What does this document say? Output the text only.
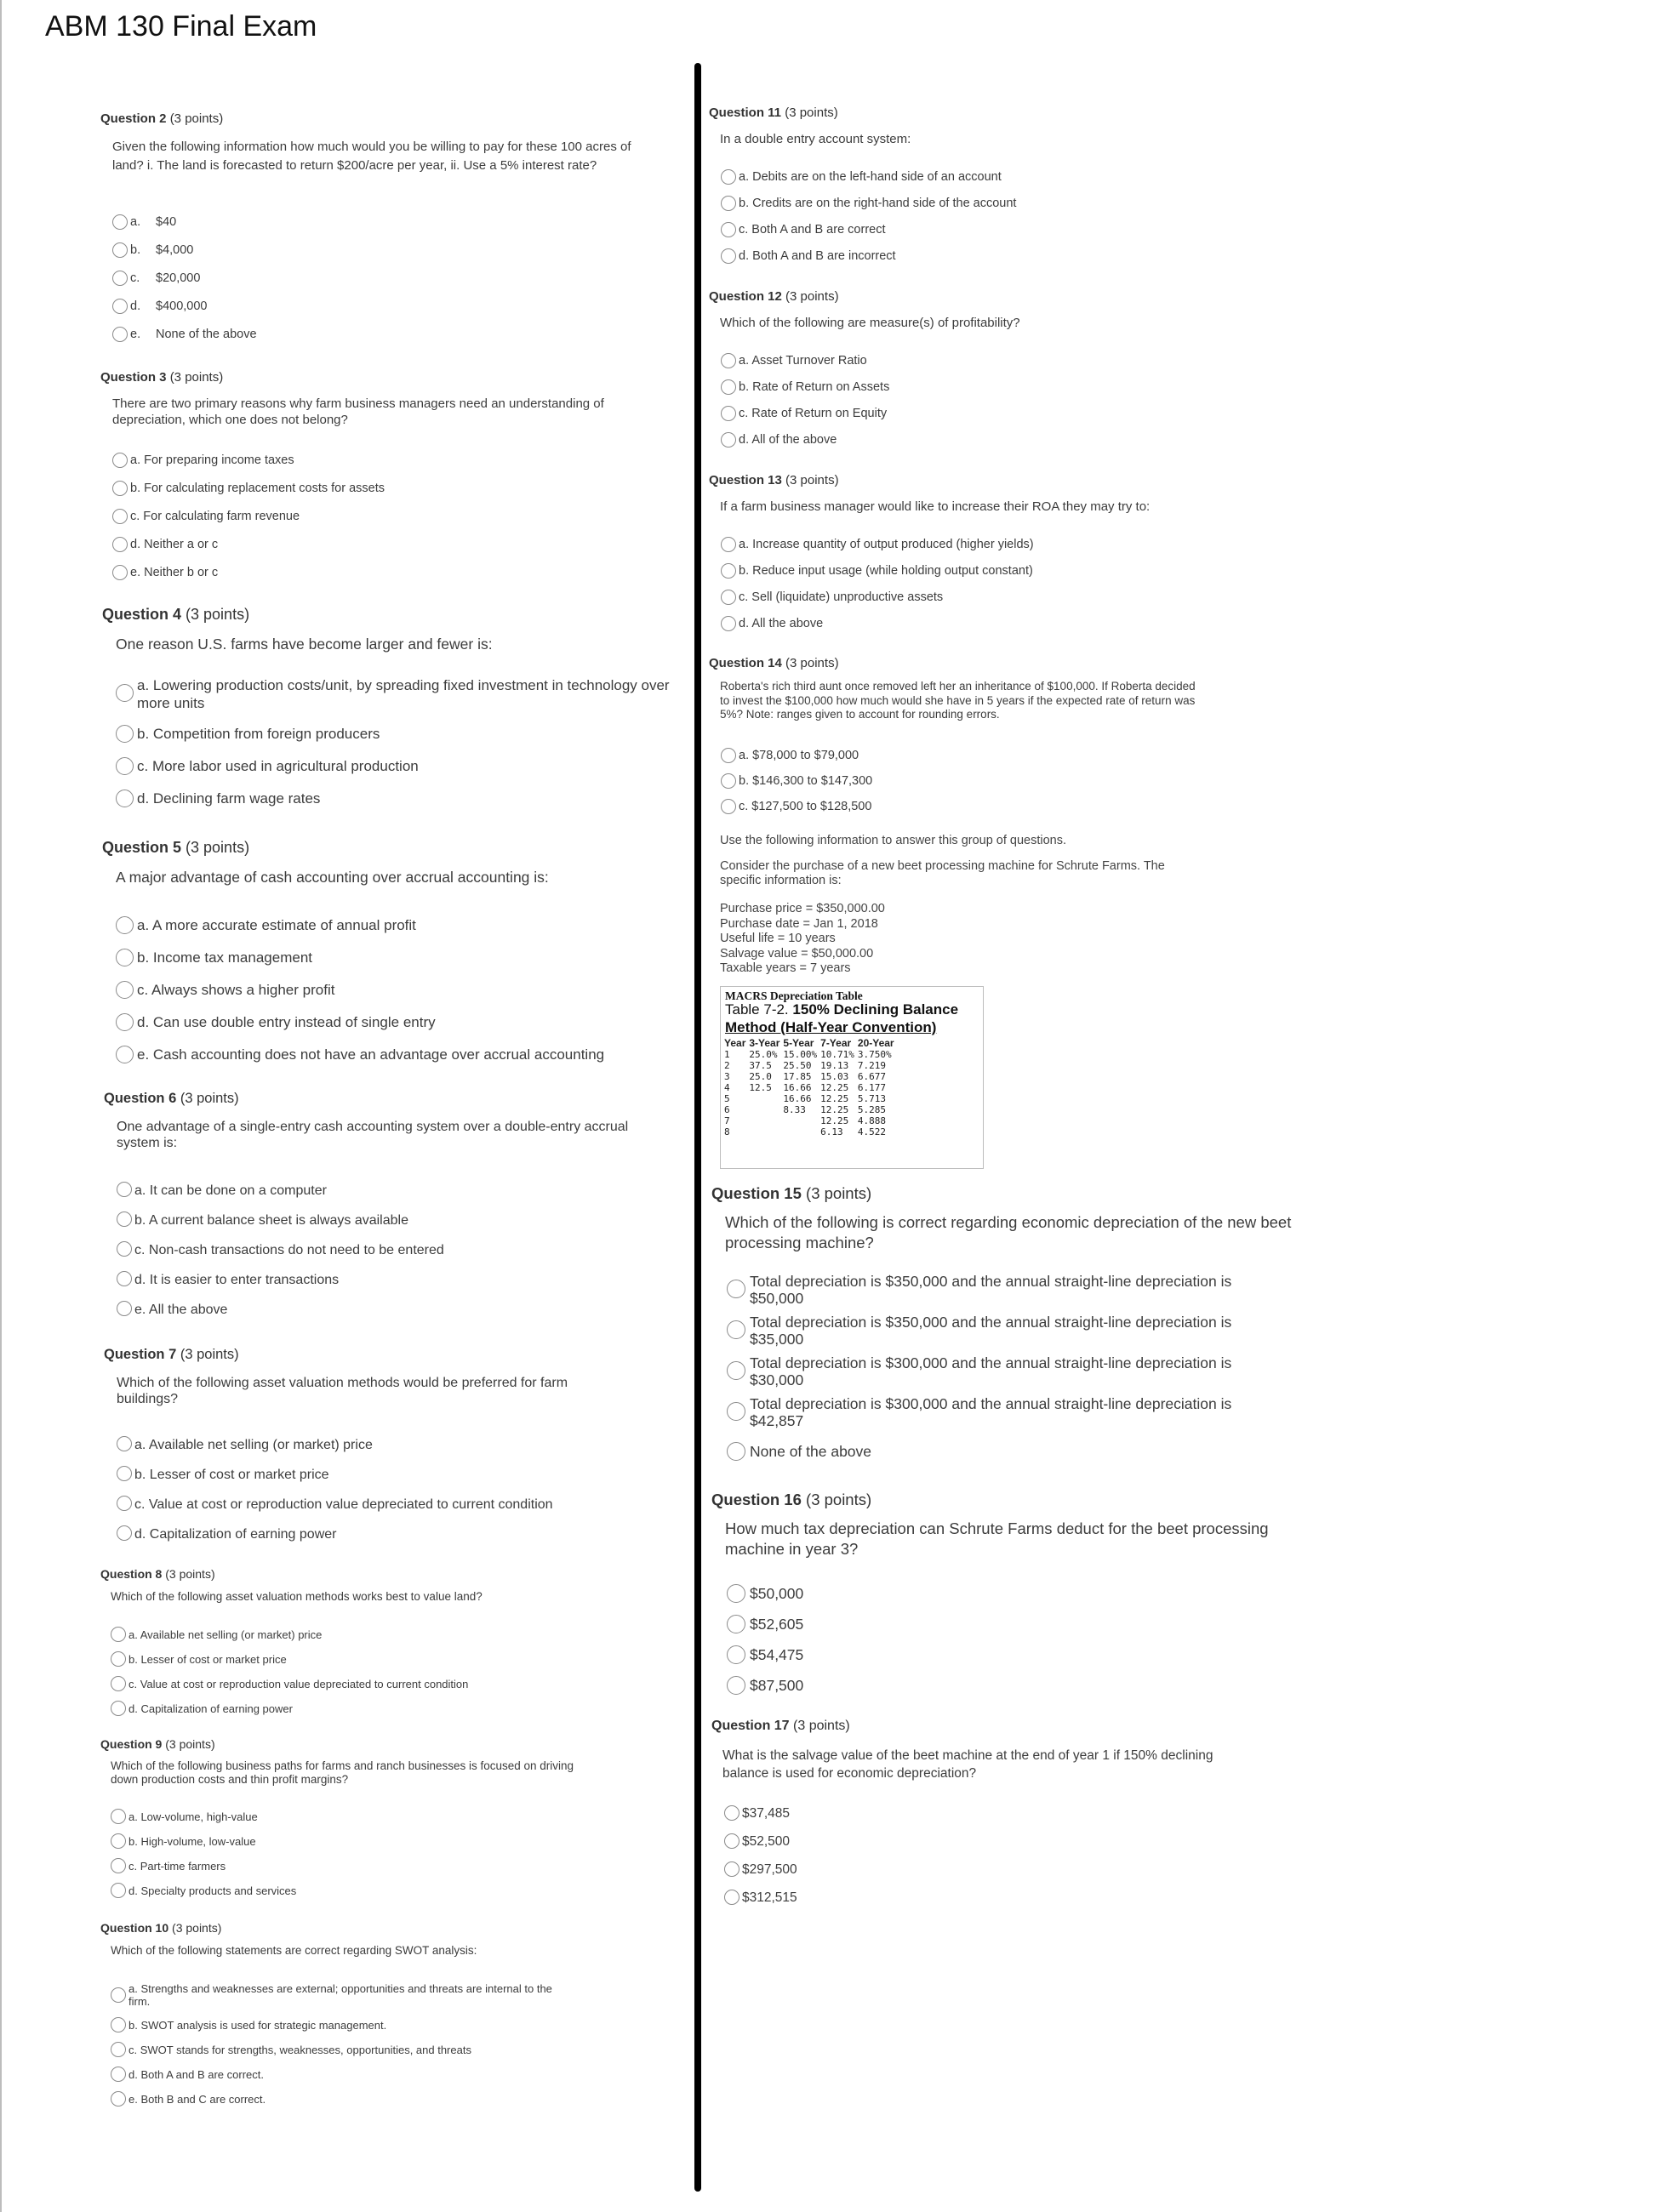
ABM 130 Final Exam
Question 2 (3 points)
Given the following information how much would you be willing to pay for these 100 acres of land? i. The land is forecasted to return $200/acre per year, ii. Use a 5% interest rate?
a. $40
b. $4,000
c. $20,000
d. $400,000
e. None of the above
Question 3 (3 points)
There are two primary reasons why farm business managers need an understanding of depreciation, which one does not belong?
a. For preparing income taxes
b. For calculating replacement costs for assets
c. For calculating farm revenue
d. Neither a or c
e. Neither b or c
Question 4 (3 points)
One reason U.S. farms have become larger and fewer is:
a. Lowering production costs/unit, by spreading fixed investment in technology over more units
b. Competition from foreign producers
c. More labor used in agricultural production
d. Declining farm wage rates
Question 5 (3 points)
A major advantage of cash accounting over accrual accounting is:
a. A more accurate estimate of annual profit
b. Income tax management
c. Always shows a higher profit
d. Can use double entry instead of single entry
e. Cash accounting does not have an advantage over accrual accounting
Question 6 (3 points)
One advantage of a single-entry cash accounting system over a double-entry accrual system is:
a. It can be done on a computer
b. A current balance sheet is always available
c. Non-cash transactions do not need to be entered
d. It is easier to enter transactions
e. All the above
Question 7 (3 points)
Which of the following asset valuation methods would be preferred for farm buildings?
a. Available net selling (or market) price
b. Lesser of cost or market price
c. Value at cost or reproduction value depreciated to current condition
d. Capitalization of earning power
Question 8 (3 points)
Which of the following asset valuation methods works best to value land?
a. Available net selling (or market) price
b. Lesser of cost or market price
c. Value at cost or reproduction value depreciated to current condition
d. Capitalization of earning power
Question 9 (3 points)
Which of the following business paths for farms and ranch businesses is focused on driving down production costs and thin profit margins?
a. Low-volume, high-value
b. High-volume, low-value
c. Part-time farmers
d. Specialty products and services
Question 10 (3 points)
Which of the following statements are correct regarding SWOT analysis:
a. Strengths and weaknesses are external; opportunities and threats are internal to the firm.
b. SWOT analysis is used for strategic management.
c. SWOT stands for strengths, weaknesses, opportunities, and threats
d. Both A and B are correct.
e. Both B and C are correct.
Question 11 (3 points)
In a double entry account system:
a. Debits are on the left-hand side of an account
b. Credits are on the right-hand side of the account
c. Both A and B are correct
d. Both A and B are incorrect
Question 12 (3 points)
Which of the following are measure(s) of profitability?
a. Asset Turnover Ratio
b. Rate of Return on Assets
c. Rate of Return on Equity
d. All of the above
Question 13 (3 points)
If a farm business manager would like to increase their ROA they may try to:
a. Increase quantity of output produced (higher yields)
b. Reduce input usage (while holding output constant)
c. Sell (liquidate) unproductive assets
d. All the above
Question 14 (3 points)
Roberta's rich third aunt once removed left her an inheritance of $100,000. If Roberta decided to invest the $100,000 how much would she have in 5 years if the expected rate of return was 5%? Note: ranges given to account for rounding errors.
a. $78,000 to $79,000
b. $146,300 to $147,300
c. $127,500 to $128,500
Use the following information to answer this group of questions.
Consider the purchase of a new beet processing machine for Schrute Farms. The specific information is:
Purchase price = $350,000.00
Purchase date = Jan 1, 2018
Useful life = 10 years
Salvage value = $50,000.00
Taxable years = 7 years
MACRS Depreciation Table
Table 7-2. 150% Declining Balance
Method (Half-Year Convention)
Year	3-Year	5-Year	7-Year	20-Year
1	25.0%	15.00%	10.71%	3.750%
2	37.5	25.50	19.13	7.219
3	25.0	17.85	15.03	6.677
4	12.5	16.66	12.25	6.177
5		16.66	12.25	5.713
6		8.33	12.25	5.285
7			12.25	4.888
8			6.13	4.522
Question 15 (3 points)
Which of the following is correct regarding economic depreciation of the new beet processing machine?
Total depreciation is $350,000 and the annual straight-line depreciation is $50,000
Total depreciation is $350,000 and the annual straight-line depreciation is $35,000
Total depreciation is $300,000 and the annual straight-line depreciation is $30,000
Total depreciation is $300,000 and the annual straight-line depreciation is $42,857
None of the above
Question 16 (3 points)
How much tax depreciation can Schrute Farms deduct for the beet processing machine in year 3?
$50,000
$52,605
$54,475
$87,500
Question 17 (3 points)
What is the salvage value of the beet machine at the end of year 1 if 150% declining balance is used for economic depreciation?
$37,485
$52,500
$297,500
$312,515
